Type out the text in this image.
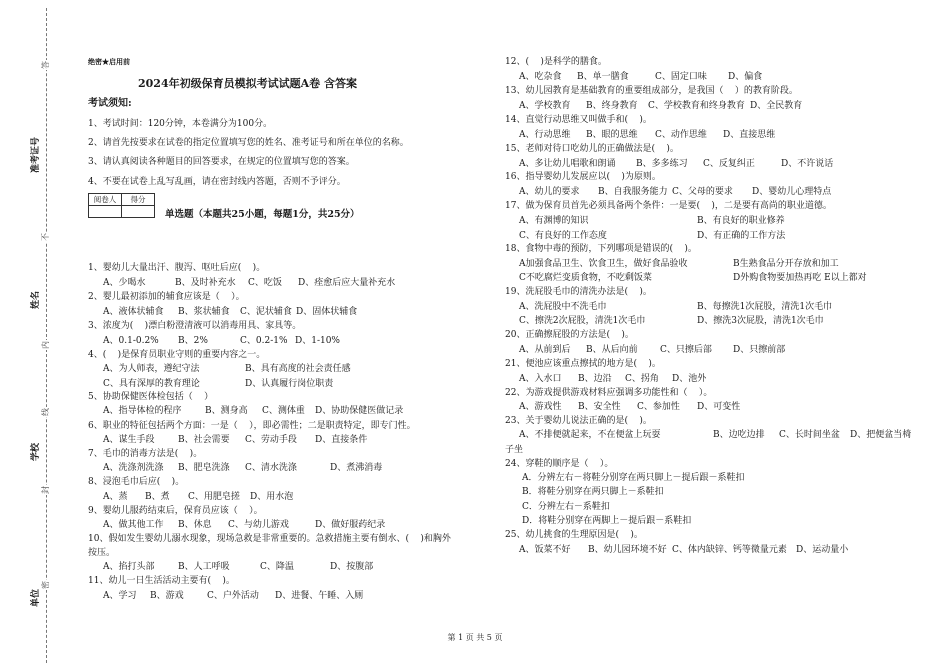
答
不
内
线
封
密
准考证号
姓名
学校
单位
绝密★启用前
2024年初级保育员模拟考试试题A卷 含答案
考试须知:
1、考试时间：120分钟，本卷满分为100分。
2、请首先按要求在试卷的指定位置填写您的姓名、准考证号和所在单位的名称。
3、请认真阅读各种题目的回答要求，在规定的位置填写您的答案。
4、不要在试卷上乱写乱画，请在密封线内答题，否则不予评分。
阅卷人	得分

单选题（本题共25小题，每题1分，共25分）
1、婴幼儿大量出汗、腹泻、呕吐后应(    )。
A、少喝水	B、及时补充水 C、吃饭 D、痊愈后应大量补充水
2、婴儿最初添加的辅食应该是（    ）。
A、液体状辅食 B、浆状辅食 C、泥状辅食 D、固体状辅食
3、浓度为(    )漂白粉澄清液可以消毒用具、家具等。
A、0.1-0.2% B、2%	C、0.2-1% D、1-10%
4、(    )是保育员职业守则的重要内容之一。
A、为人师表，遵纪守法	B、具有高度的社会责任感
C、具有深厚的教育理论	D、认真履行岗位职责
5、协助保健医体检包括（    ）
A、指导体检的程序	B、测身高 C、测体重 D、协助保健医做记录
6、职业的特征包括两个方面：一是（    ），即必需性；二是职责特定，即专门性。
A、谋生手段	B、社会需要 C、劳动手段 D、直接条件
7、毛巾的消毒方法是(    )。
A、洗涤剂洗涤 B、肥皂洗涤 C、清水洗涤	D、煮沸消毒
8、浸泡毛巾后应(    )。
A、蒸 B、煮 C、用肥皂搓 D、用水泡
9、婴幼儿服药结束后，保育员应该（    ）。
A、做其他工作 B、休息 C、与幼儿游戏	D、做好服药纪录
10、假如发生婴幼儿溺水现象，现场急救是非常重要的。急救措施主要有倒水、(    )和胸外
按压。
A、掐打头部	B、人工呼吸	C、降温	D、按腹部
11、幼儿一日生活活动主要有(    )。
A、学习 B、游戏	C、户外活动 D、进餐、午睡、入厕
12、(    )是科学的膳食。
A、吃杂食 B、单一膳食	C、固定口味 D、偏食
13、幼儿园教育是基础教育的重要组成部分，是我国（    ）的教育阶段。
A、学校教育 B、终身教育 C、学校教育和终身教育 D、全民教育
14、直觉行动思维又叫做手和(    )。
A、行动思维 B、眼的思维 C、动作思维 D、直接思维
15、老师对待口吃幼儿的正确做法是(    )。
A、多让幼儿唱歌和朗诵 B、多多练习 C、反复纠正	D、不许说话
16、指导婴幼儿发展应以(    )为原则。
A、幼儿的要求 B、自我服务能力 C、父母的要求 D、婴幼儿心理特点
17、做为保育员首先必须具备两个条件：一是要(    )，二是要有高尚的职业道德。
A、有渊博的知识	B、有良好的职业修养
C、有良好的工作态度	D、有正确的工作方法
18、食物中毒的预防，下列哪项是错误的(    )。
A加强食品卫生、饮食卫生，做好食品验收	B生熟食品分开存放和加工
C不吃腐烂变质食物，不吃剩饭菜	D外购食物要加热再吃 E以上都对
19、洗屁股毛巾的清洗办法是(    )。
A、洗屁股中不洗毛巾	B、每擦洗1次屁股，清洗1次毛巾
C、擦洗2次屁股，清洗1次毛巾	D、擦洗3次屁股，清洗1次毛巾
20、正确擦屁股的方法是(    )。
A、从前到后 B、从后向前 C、只擦后部 D、只擦前部
21、便池应该重点擦拭的地方是(    )。
A、入水口 B、边沿 C、拐角 D、池外
22、为游戏提供游戏材料应强调多功能性和（    ）。
A、游戏性 B、安全性 C、参加性 D、可变性
23、关于婴幼儿说法正确的是(    )。
A、不排便就起来，不在便盆上玩耍	B、边吃边排 C、长时间坐盆 D、把便盆当椅
子坐
24、穿鞋的顺序是（    ）。
A．分辨左右－将鞋分别穿在两只脚上－提后跟－系鞋扣
B．将鞋分别穿在两只脚上－系鞋扣
C．分辨左右－系鞋扣
D．将鞋分别穿在两脚上－提后跟－系鞋扣
25、幼儿挑食的生理原因是(    )。
A、饭菜不好 B、幼儿园环境不好 C、体内缺锌、钙等微量元素 D、运动量小
第 1 页 共 5 页
